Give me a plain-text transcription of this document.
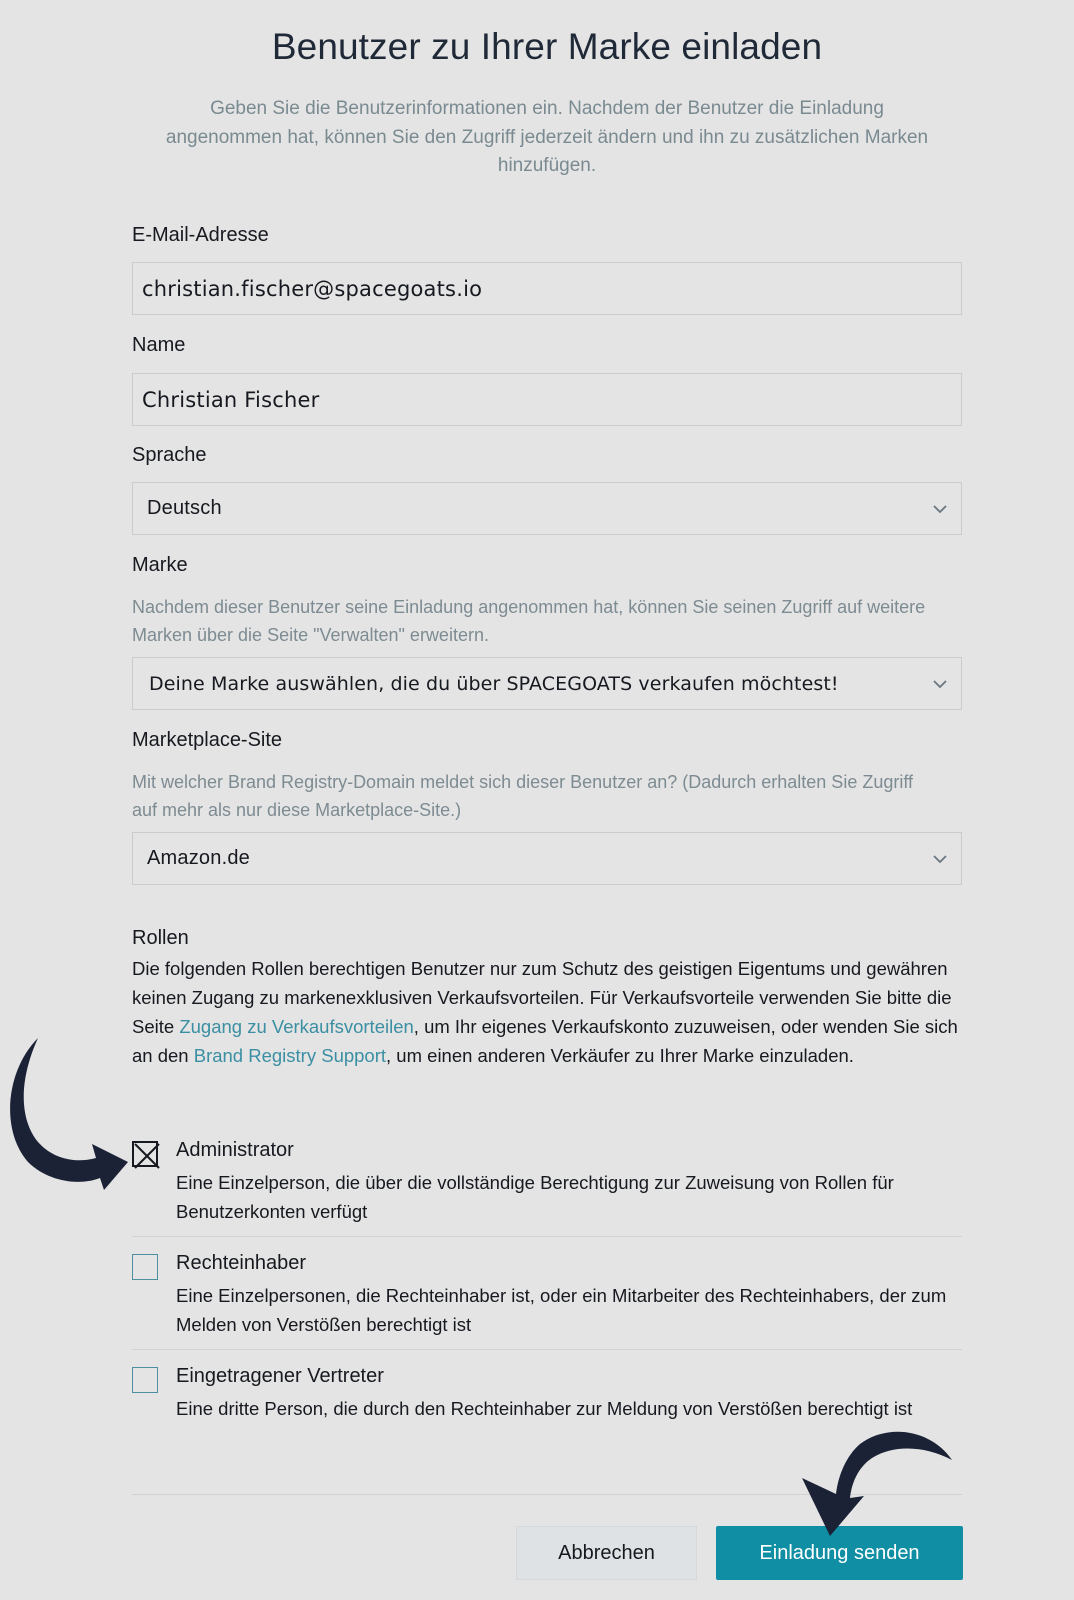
Benutzer zu Ihrer Marke einladen

Geben Sie die Benutzerinformationen ein. Nachdem der Benutzer die Einladung angenommen hat, können Sie den Zugriff jederzeit ändern und ihn zu zusätzlichen Marken hinzufügen.

E-Mail-Adresse
christian.fischer@spacegoats.io
Name
Christian Fischer
Sprache
Deutsch
Marke
Nachdem dieser Benutzer seine Einladung angenommen hat, können Sie seinen Zugriff auf weitere Marken über die Seite "Verwalten" erweitern.
Deine Marke auswählen, die du über SPACEGOATS verkaufen möchtest!
Marketplace-Site
Mit welcher Brand Registry-Domain meldet sich dieser Benutzer an? (Dadurch erhalten Sie Zugriff auf mehr als nur diese Marketplace-Site.)
Amazon.de
Rollen
Die folgenden Rollen berechtigen Benutzer nur zum Schutz des geistigen Eigentums und gewähren keinen Zugang zu markenexklusiven Verkaufsvorteilen. Für Verkaufsvorteile verwenden Sie bitte die Seite Zugang zu Verkaufsvorteilen, um Ihr eigenes Verkaufskonto zuzuweisen, oder wenden Sie sich an den Brand Registry Support, um einen anderen Verkäufer zu Ihrer Marke einzuladen.
Administrator
Eine Einzelperson, die über die vollständige Berechtigung zur Zuweisung von Rollen für Benutzerkonten verfügt
Rechteinhaber
Eine Einzelpersonen, die Rechteinhaber ist, oder ein Mitarbeiter des Rechteinhabers, der zum Melden von Verstößen berechtigt ist
Eingetragener Vertreter
Eine dritte Person, die durch den Rechteinhaber zur Meldung von Verstößen berechtigt ist
Abbrechen	Einladung senden
